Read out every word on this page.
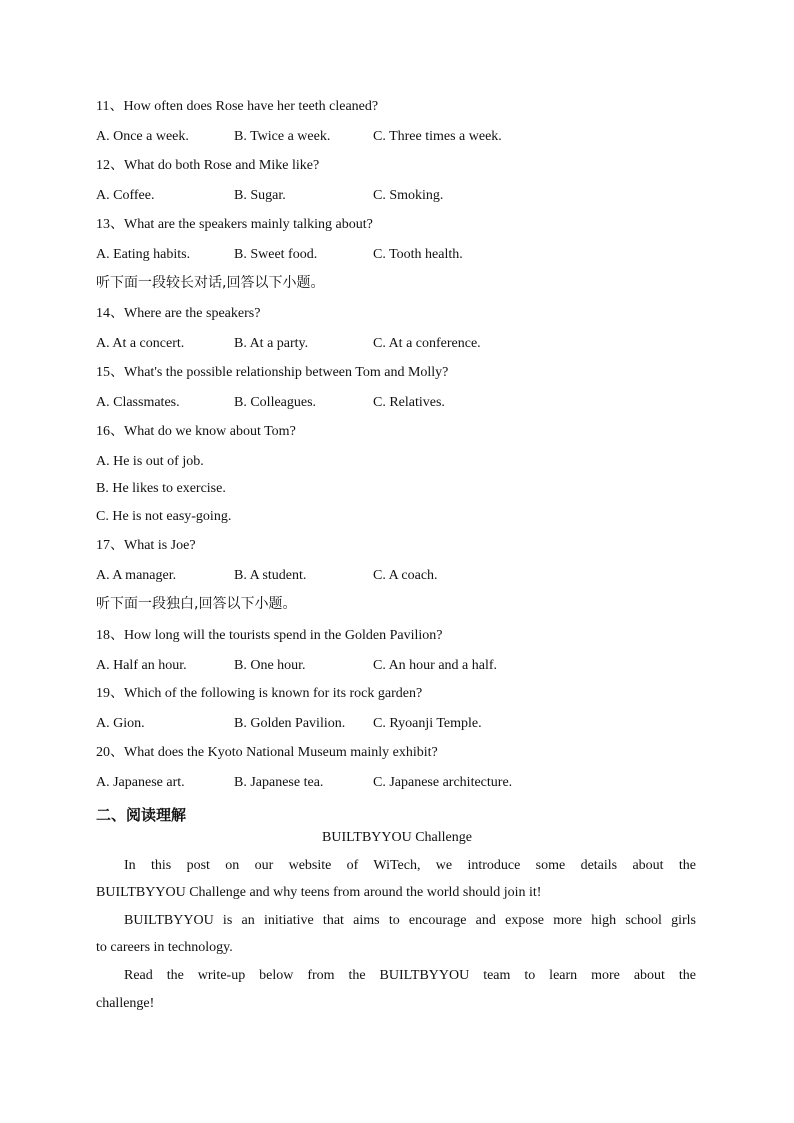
11、How often does Rose have her teeth cleaned?
A. Once a week.	B. Twice a week.	C. Three times a week.
12、What do both Rose and Mike like?
A. Coffee.	B. Sugar.	C. Smoking.
13、What are the speakers mainly talking about?
A. Eating habits.	B. Sweet food.	C. Tooth health.
听下面一段较长对话,回答以下小题。
14、Where are the speakers?
A. At a concert.	B. At a party.	C. At a conference.
15、What's the possible relationship between Tom and Molly?
A. Classmates.	B. Colleagues.	C. Relatives.
16、What do we know about Tom?
A. He is out of job.
B. He likes to exercise.
C. He is not easy-going.
17、What is Joe?
A. A manager.	B. A student.	C. A coach.
听下面一段独白,回答以下小题。
18、How long will the tourists spend in the Golden Pavilion?
A. Half an hour.	B. One hour.	C. An hour and a half.
19、Which of the following is known for its rock garden?
A. Gion.	B. Golden Pavilion. C. Ryoanji Temple.
20、What does the Kyoto National Museum mainly exhibit?
A. Japanese art.	B. Japanese tea.	C. Japanese architecture.
二、阅读理解
BUILTBYYOU Challenge
In this post on our website of WiTech, we introduce some details about the
BUILTBYYOU Challenge and why teens from around the world should join it!
BUILTBYYOU is an initiative that aims to encourage and expose more high school girls
to careers in technology.
Read the write-up below from the BUILTBYYOU team to learn more about the
challenge!
